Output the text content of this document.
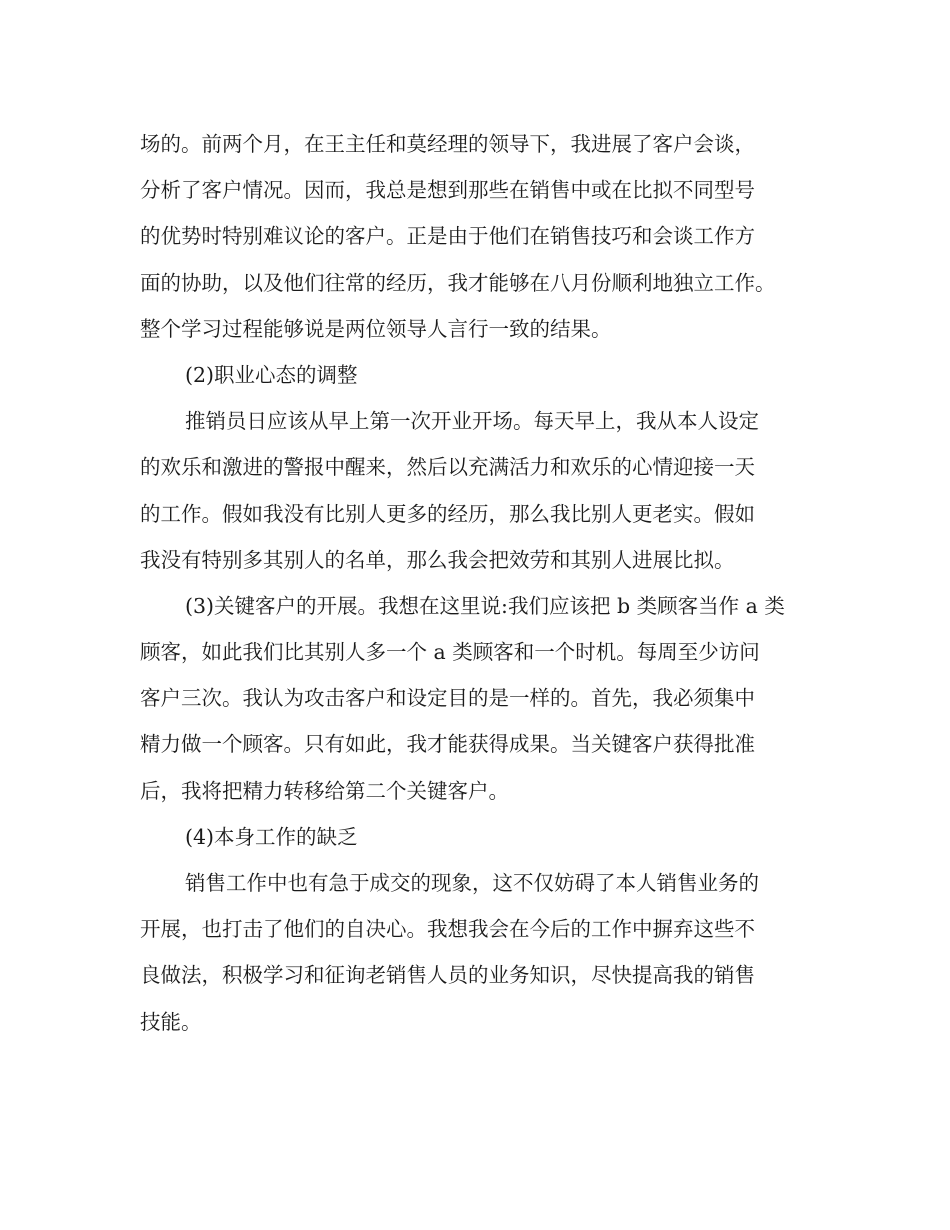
场的。前两个月，在王主任和莫经理的领导下，我进展了客户会谈，
分析了客户情况。因而，我总是想到那些在销售中或在比拟不同型号
的优势时特别难议论的客户。正是由于他们在销售技巧和会谈工作方
面的协助，以及他们往常的经历，我才能够在八月份顺利地独立工作。
整个学习过程能够说是两位领导人言行一致的结果。
(2)职业心态的调整
推销员日应该从早上第一次开业开场。每天早上，我从本人设定
的欢乐和激进的警报中醒来，然后以充满活力和欢乐的心情迎接一天
的工作。假如我没有比别人更多的经历，那么我比别人更老实。假如
我没有特别多其别人的名单，那么我会把效劳和其别人进展比拟。
(3)关键客户的开展。我想在这里说:我们应该把 b 类顾客当作 a 类
顾客，如此我们比其别人多一个 a 类顾客和一个时机。每周至少访问
客户三次。我认为攻击客户和设定目的是一样的。首先，我必须集中
精力做一个顾客。只有如此，我才能获得成果。当关键客户获得批准
后，我将把精力转移给第二个关键客户。
(4)本身工作的缺乏
销售工作中也有急于成交的现象，这不仅妨碍了本人销售业务的
开展，也打击了他们的自决心。我想我会在今后的工作中摒弃这些不
良做法，积极学习和征询老销售人员的业务知识，尽快提高我的销售
技能。
